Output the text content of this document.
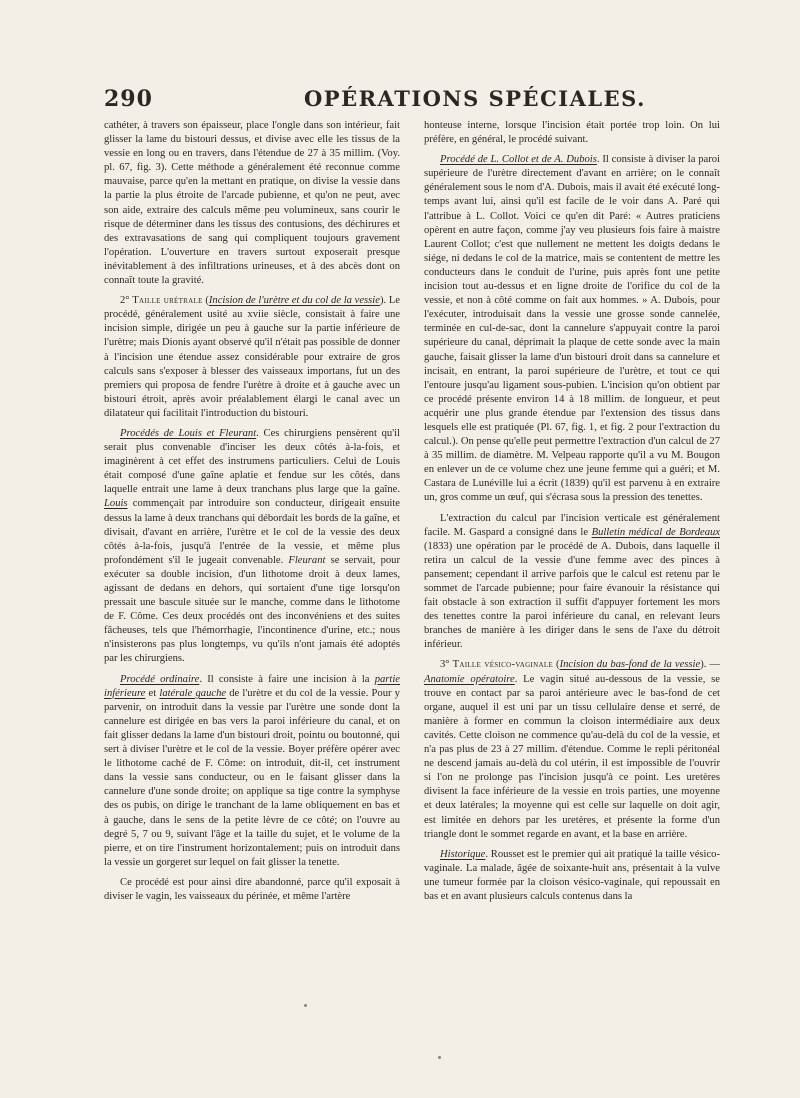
290	OPÉRATIONS SPÉCIALES.

cathéter, à travers son épaisseur, place l'ongle dans son intérieur, fait glisser la lame du bistouri dessus, et divise avec elle les tissus de la vessie en long ou en travers, dans l'étendue de 27 à 35 millim. (Voy. pl. 67, fig. 3). Cette méthode a généralement été reconnue comme mauvaise, parce qu'en la mettant en pratique, on divise la vessie dans la partie la plus étroite de l'arcade pubienne, et qu'on ne peut, avec son aide, extraire des calculs même peu volumineux, sans courir le risque de déterminer dans les tissus des contusions, des déchirures et des extravasations de sang qui compliquent toujours gravement l'opération. L'ouverture en travers surtout exposerait presque inévitablement à des infiltrations urineuses, et à des abcès dont on connaît toute la gravité.

2° Taille urétrale (Incision de l'urètre et du col de la vessie). Le procédé, généralement usité au xviie siècle, consistait à faire une incision simple, dirigée un peu à gauche sur la partie inférieure de l'urètre; mais Dionis ayant observé qu'il n'était pas possible de donner à l'incision une étendue assez considérable pour extraire de gros calculs sans s'exposer à blesser des vaisseaux importans, fut un des premiers qui proposa de fendre l'urètre à droite et à gauche avec un bistouri étroit, après avoir préalablement élargi le canal avec un dilatateur qui facilitait l'introduction du bistouri.

Procédés de Louis et Fleurant. Ces chirurgiens pensèrent qu'il serait plus convenable d'inciser les deux côtés à-la-fois, et imaginèrent à cet effet des instrumens particuliers. Celui de Louis était composé d'une gaîne aplatie et fendue sur les côtés, dans laquelle entrait une lame à deux tranchans plus large que la gaîne. Louis commençait par introduire son conducteur, dirigeait ensuite dessus la lame à deux tranchans qui débordait les bords de la gaîne, et divisait, d'avant en arrière, l'urètre et le col de la vessie des deux côtés à-la-fois, jusqu'à l'entrée de la vessie, et même plus profondément s'il le jugeait convenable. Fleurant se servait, pour exécuter sa double incision, d'un lithotome droit à deux lames, agissant de dedans en dehors, qui sortaient d'une tige lorsqu'on pressait une bascule située sur le manche, comme dans le lithotome de F. Côme. Ces deux procédés ont des inconvéniens et des suites fâcheuses, tels que l'hémorrhagie, l'incontinence d'urine, etc.; nous n'insisterons pas plus longtemps, vu qu'ils n'ont jamais été adoptés par les chirurgiens.

Procédé ordinaire. Il consiste à faire une incision à la partie inférieure et latérale gauche de l'urètre et du col de la vessie. Pour y parvenir, on introduit dans la vessie par l'urètre une sonde dont la cannelure est dirigée en bas vers la paroi inférieure du canal, et on fait glisser dedans la lame d'un bistouri droit, pointu ou boutonné, qui sert à diviser l'urètre et le col de la vessie. Boyer préfère opérer avec le lithotome caché de F. Côme: on introduit, dit-il, cet instrument dans la vessie sans conducteur, ou en le faisant glisser dans la cannelure d'une sonde droite; on applique sa tige contre la symphyse des os pubis, on dirige le tranchant de la lame obliquement en bas et à gauche, dans le sens de la petite lèvre de ce côté; on l'ouvre au degré 5, 7 ou 9, suivant l'âge et la taille du sujet, et le volume de la pierre, et on tire l'instrument horizontalement; puis on introduit dans la vessie un gorgeret sur lequel on fait glisser la tenette.

Ce procédé est pour ainsi dire abandonné, parce qu'il exposait à diviser le vagin, les vaisseaux du périnée, et même l'artère

honteuse interne, lorsque l'incision était portée trop loin. On lui préfère, en général, le procédé suivant.

Procédé de L. Collot et de A. Dubois. Il consiste à diviser la paroi supérieure de l'urètre directement d'avant en arrière; on le connaît généralement sous le nom d'A. Dubois, mais il avait été exécuté long-temps avant lui, ainsi qu'il est facile de le voir dans A. Paré qui l'attribue à L. Collot. Voici ce qu'en dit Paré: « Autres praticiens opèrent en autre façon, comme j'ay veu plusieurs fois faire à maistre Laurent Collot; c'est que nullement ne mettent les doigts dedans le siége, ni dedans le col de la matrice, mais se contentent de mettre les conducteurs dans le conduit de l'urine, puis après font une petite incision tout au-dessus et en ligne droite de l'orifice du col de la vessie, et non à côté comme on fait aux hommes. » A. Dubois, pour l'exécuter, introduisait dans la vessie une grosse sonde cannelée, terminée en cul-de-sac, dont la cannelure s'appuyait contre la paroi supérieure du canal, déprimait la plaque de cette sonde avec la main gauche, faisait glisser la lame d'un bistouri droit dans sa cannelure et incisait, en entrant, la paroi supérieure de l'urètre, et tout ce qui l'entoure jusqu'au ligament sous-pubien. L'incision qu'on obtient par ce procédé présente environ 14 à 18 millim. de longueur, et peut acquérir une plus grande étendue par l'extension des tissus dans lesquels elle est pratiquée (Pl. 67, fig. 1, et fig. 2 pour l'extraction du calcul.). On pense qu'elle peut permettre l'extraction d'un calcul de 27 à 35 millim. de diamètre. M. Velpeau rapporte qu'il a vu M. Bougon en enlever un de ce volume chez une jeune femme qui a guéri; et M. Castara de Lunéville lui a écrit (1839) qu'il est parvenu à en extraire un, gros comme un œuf, qui s'écrasa sous la pression des tenettes.

L'extraction du calcul par l'incision verticale est généralement facile. M. Gaspard a consigné dans le Bulletin médical de Bordeaux (1833) une opération par le procédé de A. Dubois, dans laquelle il retira un calcul de la vessie d'une femme avec des pinces à pansement; cependant il arrive parfois que le calcul est retenu par le sommet de l'arcade pubienne; pour faire évanouir la résistance qui fait obstacle à son extraction il suffit d'appuyer fortement les mors des tenettes contre la paroi inférieure du canal, en relevant leurs branches de manière à les diriger dans le sens de l'axe du détroit inférieur.

3° Taille vésico-vaginale (Incision du bas-fond de la vessie). — Anatomie opératoire. Le vagin situé au-dessous de la vessie, se trouve en contact par sa paroi antérieure avec le bas-fond de cet organe, auquel il est uni par un tissu cellulaire dense et serré, de manière à former en commun la cloison intermédiaire aux deux cavités. Cette cloison ne commence qu'au-delà du col de la vessie, et n'a pas plus de 23 à 27 millim. d'étendue. Comme le repli péritonéal ne descend jamais au-delà du col utérin, il est impossible de l'ouvrir si l'on ne prolonge pas l'incision jusqu'à ce point. Les uretères divisent la face inférieure de la vessie en trois parties, une moyenne et deux latérales; la moyenne qui est celle sur laquelle on doit agir, est limitée en dehors par les uretères, et présente la forme d'un triangle dont le sommet regarde en avant, et la base en arrière.

Historique. Rousset est le premier qui ait pratiqué la taille vésico-vaginale. La malade, âgée de soixante-huit ans, présentait à la vulve une tumeur formée par la cloison vésico-vaginale, qui repoussait en bas et en avant plusieurs calculs contenus dans la
